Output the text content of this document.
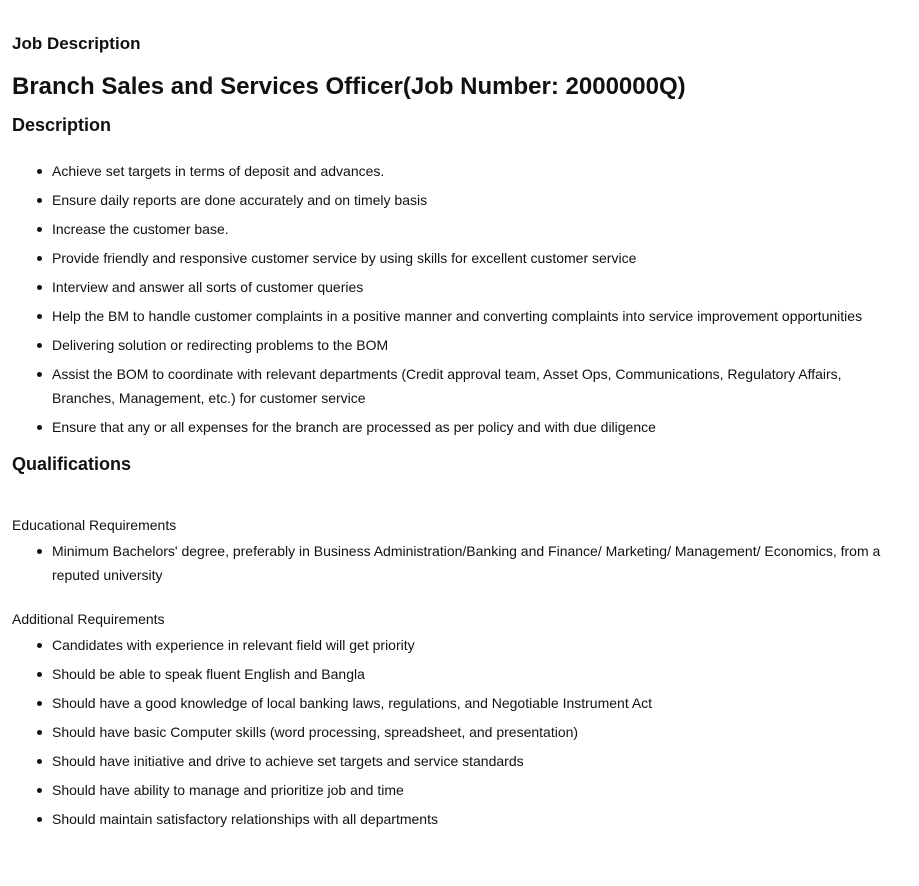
Job Description
Branch Sales and Services Officer(Job Number: 2000000Q)
Description
Achieve set targets in terms of deposit and advances.
Ensure daily reports are done accurately and on timely basis
Increase the customer base.
Provide friendly and responsive customer service by using skills for excellent customer service
Interview and answer all sorts of customer queries
Help the BM to handle customer complaints in a positive manner and converting complaints into service improvement opportunities
Delivering solution or redirecting problems to the BOM
Assist the BOM to coordinate with relevant departments (Credit approval team, Asset Ops, Communications, Regulatory Affairs, Branches, Management, etc.) for customer service
Ensure that any or all expenses for the branch are processed as per policy and with due diligence
Qualifications

Educational Requirements

Minimum Bachelors' degree, preferably in Business Administration/Banking and Finance/ Marketing/ Management/ Economics, from a reputed university

Additional Requirements

Candidates with experience in relevant field will get priority
Should be able to speak fluent English and Bangla
Should have a good knowledge of local banking laws, regulations, and Negotiable Instrument Act
Should have basic Computer skills (word processing, spreadsheet, and presentation)
Should have initiative and drive to achieve set targets and service standards
Should have ability to manage and prioritize job and time
Should maintain satisfactory relationships with all departments
